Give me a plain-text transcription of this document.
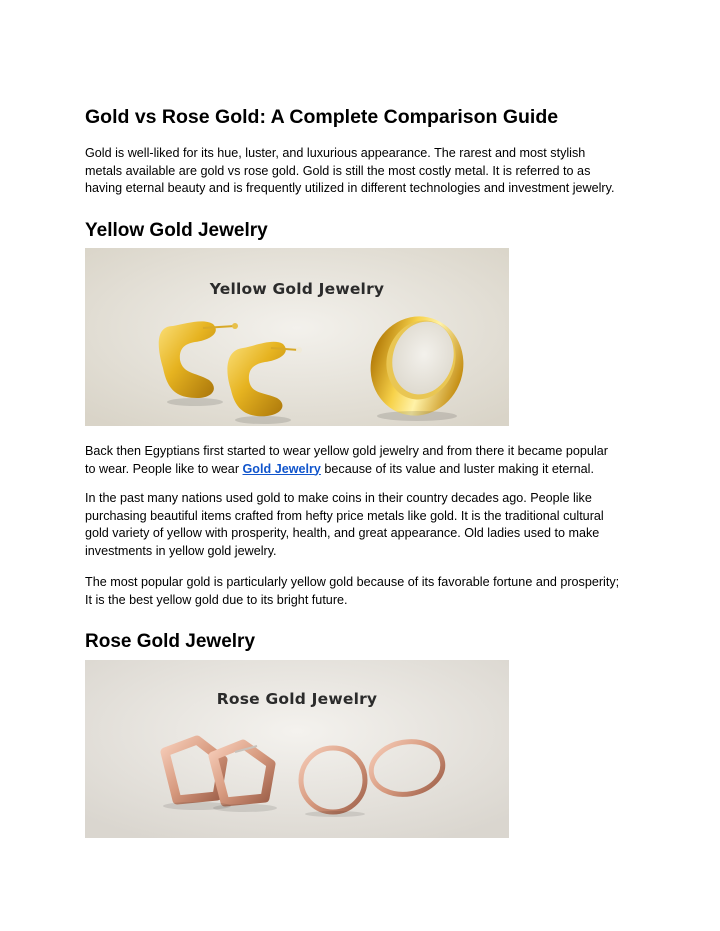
Gold vs Rose Gold: A Complete Comparison Guide

Gold is well-liked for its hue, luster, and luxurious appearance. The rarest and most stylish
metals available are gold vs rose gold. Gold is still the most costly metal. It is referred to as
having eternal beauty and is frequently utilized in different technologies and investment jewelry.

Yellow Gold Jewelry
Yellow Gold Jewelry

Back then Egyptians first started to wear yellow gold jewelry and from there it became popular
to wear. People like to wear Gold Jewelry because of its value and luster making it eternal.

In the past many nations used gold to make coins in their country decades ago. People like
purchasing beautiful items crafted from hefty price metals like gold. It is the traditional cultural
gold variety of yellow with prosperity, health, and great appearance. Old ladies used to make
investments in yellow gold jewelry.

The most popular gold is particularly yellow gold because of its favorable fortune and prosperity;
It is the best yellow gold due to its bright future.

Rose Gold Jewelry
Rose Gold Jewelry
